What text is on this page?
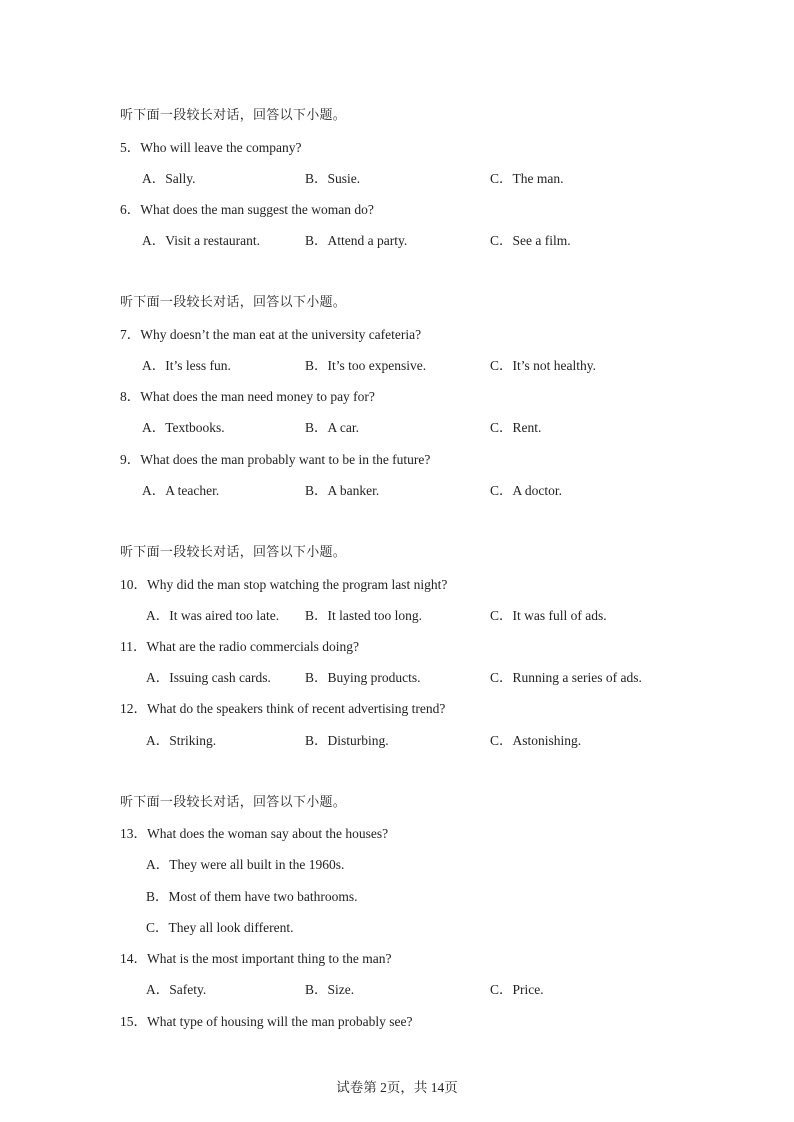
听下面一段较长对话，回答以下小题。
5．Who will leave the company?
A．Sally.	B．Susie.	C．The man.
6．What does the man suggest the woman do?
A．Visit a restaurant.	B．Attend a party.	C．See a film.
听下面一段较长对话，回答以下小题。
7．Why doesn’t the man eat at the university cafeteria?
A．It’s less fun.	B．It’s too expensive.	C．It’s not healthy.
8．What does the man need money to pay for?
A．Textbooks.	B．A car.	C．Rent.
9．What does the man probably want to be in the future?
A．A teacher.	B．A banker.	C．A doctor.
听下面一段较长对话，回答以下小题。
10．Why did the man stop watching the program last night?
A．It was aired too late. B．It lasted too long.	C．It was full of ads.
11．What are the radio commercials doing?
A．Issuing cash cards.	B．Buying products.	C．Running a series of ads.
12．What do the speakers think of recent advertising trend?
A．Striking.	B．Disturbing.	C．Astonishing.
听下面一段较长对话，回答以下小题。
13．What does the woman say about the houses?
A．They were all built in the 1960s.
B．Most of them have two bathrooms.
C．They all look different.
14．What is the most important thing to the man?
A．Safety.	B．Size.	C．Price.
15．What type of housing will the man probably see?
试卷第 2页，共 14页
